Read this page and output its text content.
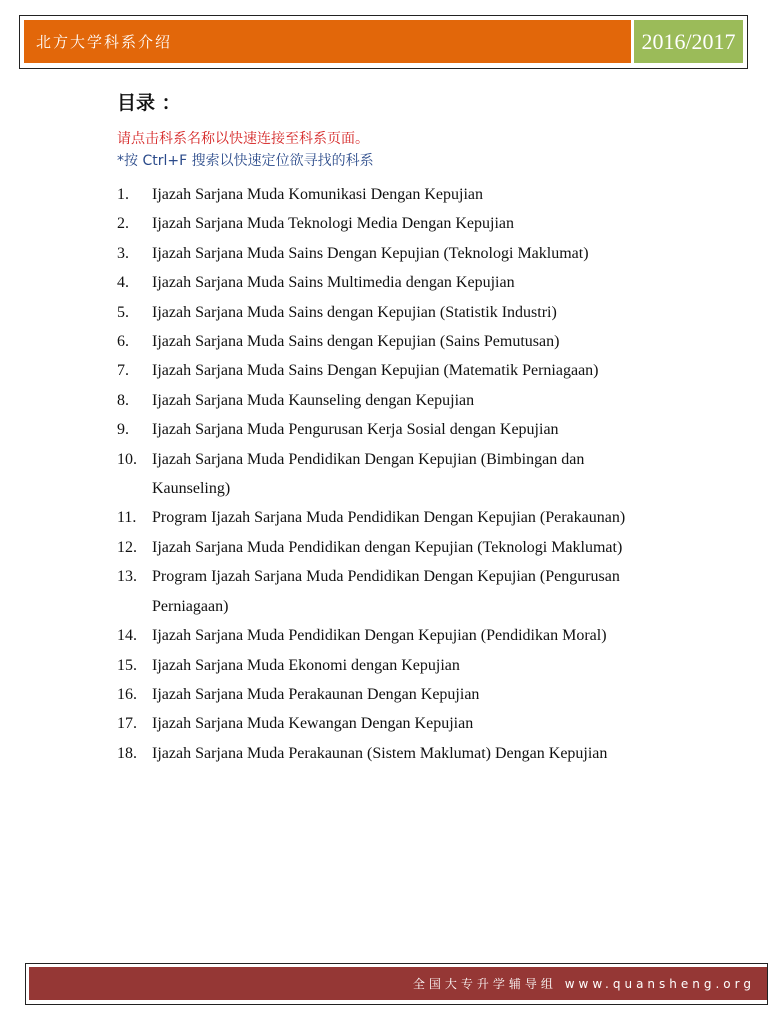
北方大学科系介绍	2016/2017
目录 ：
请点击科系名称以快速连接至科系页面。
*按 Ctrl+F 搜索以快速定位欲寻找的科系
1.	Ijazah Sarjana Muda Komunikasi Dengan Kepujian
2.	Ijazah Sarjana Muda Teknologi Media Dengan Kepujian
3.	Ijazah Sarjana Muda Sains Dengan Kepujian (Teknologi Maklumat)
4.	Ijazah Sarjana Muda Sains Multimedia dengan Kepujian
5.	Ijazah Sarjana Muda Sains dengan Kepujian (Statistik Industri)
6.	Ijazah Sarjana Muda Sains dengan Kepujian (Sains Pemutusan)
7.	Ijazah Sarjana Muda Sains Dengan Kepujian (Matematik Perniagaan)
8.	Ijazah Sarjana Muda Kaunseling dengan Kepujian
9.	Ijazah Sarjana Muda Pengurusan Kerja Sosial dengan Kepujian
10. Ijazah Sarjana Muda Pendidikan Dengan Kepujian (Bimbingan dan Kaunseling)
11. Program Ijazah Sarjana Muda Pendidikan Dengan Kepujian (Perakaunan)
12. Ijazah Sarjana Muda Pendidikan dengan Kepujian (Teknologi Maklumat)
13. Program Ijazah Sarjana Muda Pendidikan Dengan Kepujian (Pengurusan Perniagaan)
14. Ijazah Sarjana Muda Pendidikan Dengan Kepujian (Pendidikan Moral)
15. Ijazah Sarjana Muda Ekonomi dengan Kepujian
16. Ijazah Sarjana Muda Perakaunan Dengan Kepujian
17. Ijazah Sarjana Muda Kewangan Dengan Kepujian
18. Ijazah Sarjana Muda Perakaunan (Sistem Maklumat) Dengan Kepujian
全国大专升学辅导组 www.quansheng.org
